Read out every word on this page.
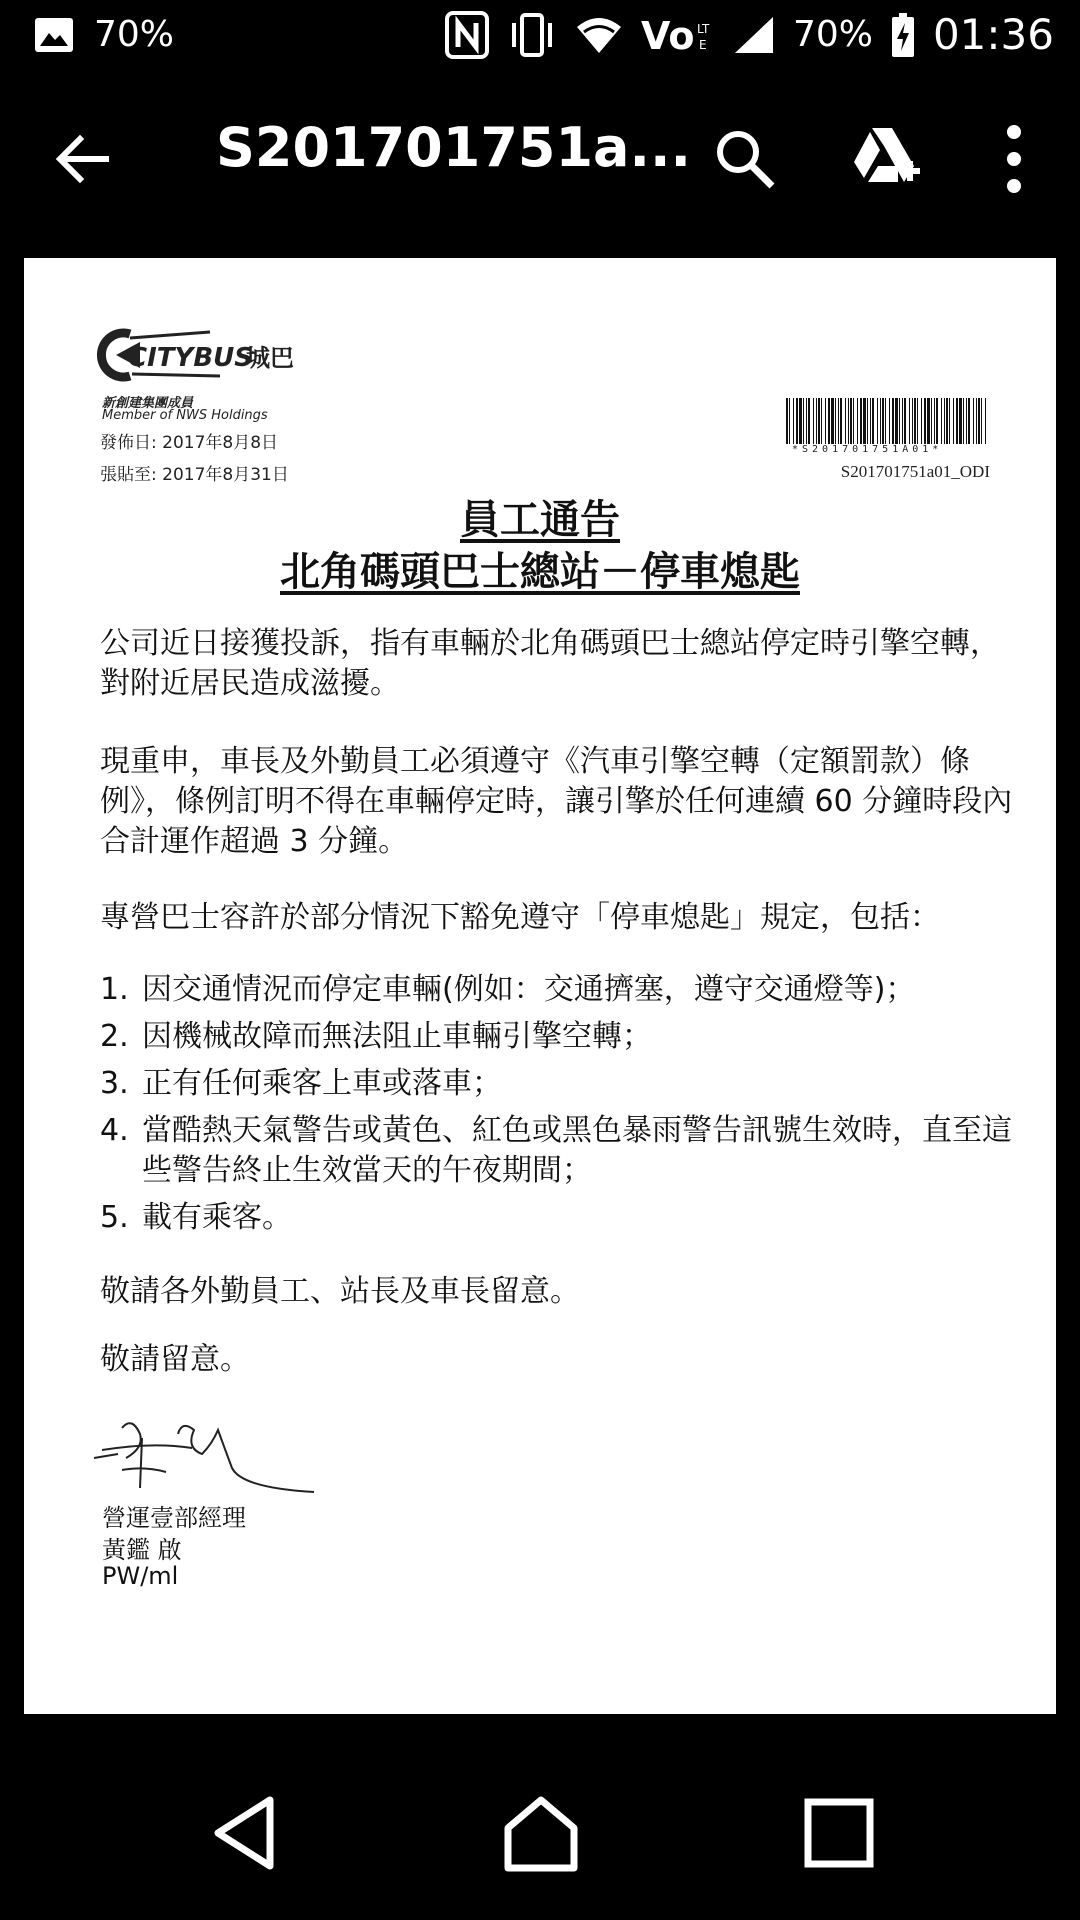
70%	Vo LT
E 70% 01:36
S201701751a...
CITYBUS
城巴
新創建集團成員
Member of NWS Holdings
發佈日: 2017年8月8日
張貼至: 2017年8月31日
*S201701751A01*
S201701751a01_ODI
員工通告
北角碼頭巴士總站－停車熄匙
公司近日接獲投訴，指有車輛於北角碼頭巴士總站停定時引擎空轉，對附近居民造成滋擾。
現重申，車長及外勤員工必須遵守《汽車引擎空轉（定額罰款）條例》，條例訂明不得在車輛停定時，讓引擎於任何連續 60 分鐘時段內合計運作超過 3 分鐘。
專營巴士容許於部分情況下豁免遵守「停車熄匙」規定，包括：
1. 因交通情況而停定車輛(例如：交通擠塞，遵守交通燈等)；
2. 因機械故障而無法阻止車輛引擎空轉；
3. 正有任何乘客上車或落車；
4. 當酷熱天氣警告或黃色、紅色或黑色暴雨警告訊號生效時，直至這些警告終止生效當天的午夜期間；
5. 載有乘客。
敬請各外勤員工、站長及車長留意。
敬請留意。
營運壹部經理
黃鑑 啟
PW/ml
